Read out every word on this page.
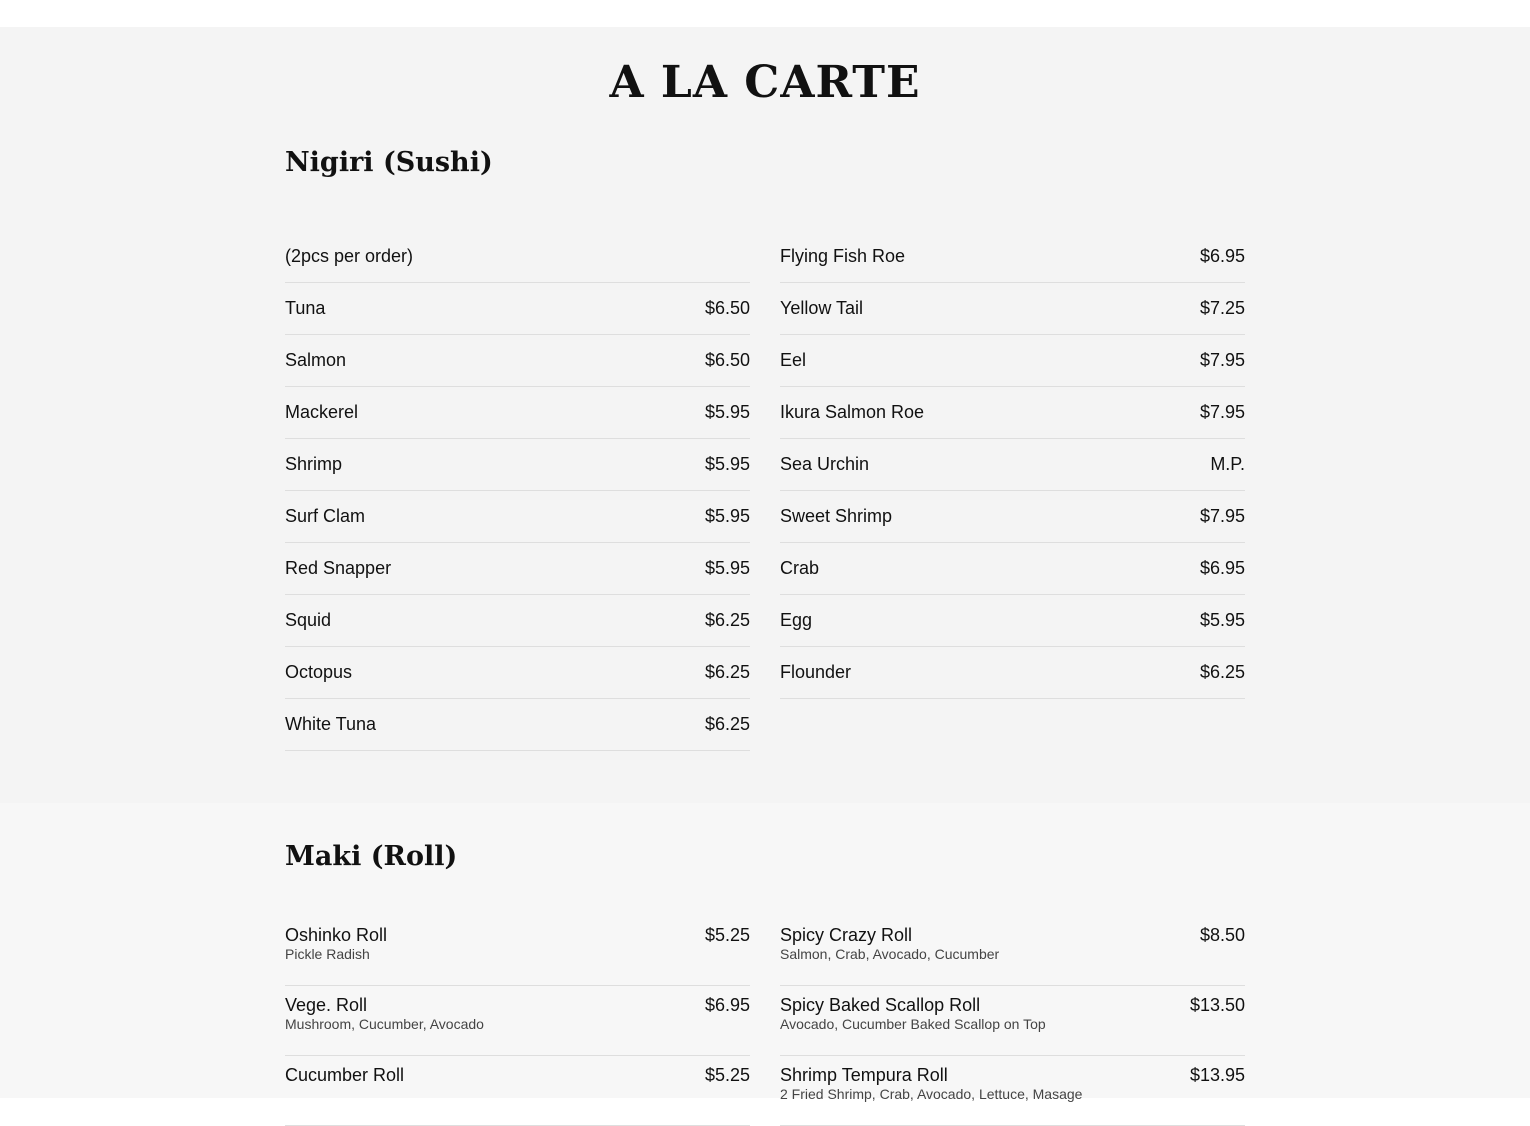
A LA CARTE
Nigiri (Sushi)
(2pcs per order)
Tuna	$6.50
Salmon	$6.50
Mackerel	$5.95
Shrimp	$5.95
Surf Clam	$5.95
Red Snapper	$5.95
Squid	$6.25
Octopus	$6.25
White Tuna	$6.25
Flying Fish Roe	$6.95
Yellow Tail	$7.25
Eel	$7.95
Ikura Salmon Roe	$7.95
Sea Urchin	M.P.
Sweet Shrimp	$7.95
Crab	$6.95
Egg	$5.95
Flounder	$6.25
Maki (Roll)
Oshinko Roll	$5.25
Pickle Radish
Vege. Roll	$6.95
Mushroom, Cucumber, Avocado
Cucumber Roll	$5.25
Spicy Crazy Roll	$8.50
Salmon, Crab, Avocado, Cucumber
Spicy Baked Scallop Roll	$13.50
Avocado, Cucumber Baked Scallop on Top
Shrimp Tempura Roll	$13.95
2 Fried Shrimp, Crab, Avocado, Lettuce, Masage
